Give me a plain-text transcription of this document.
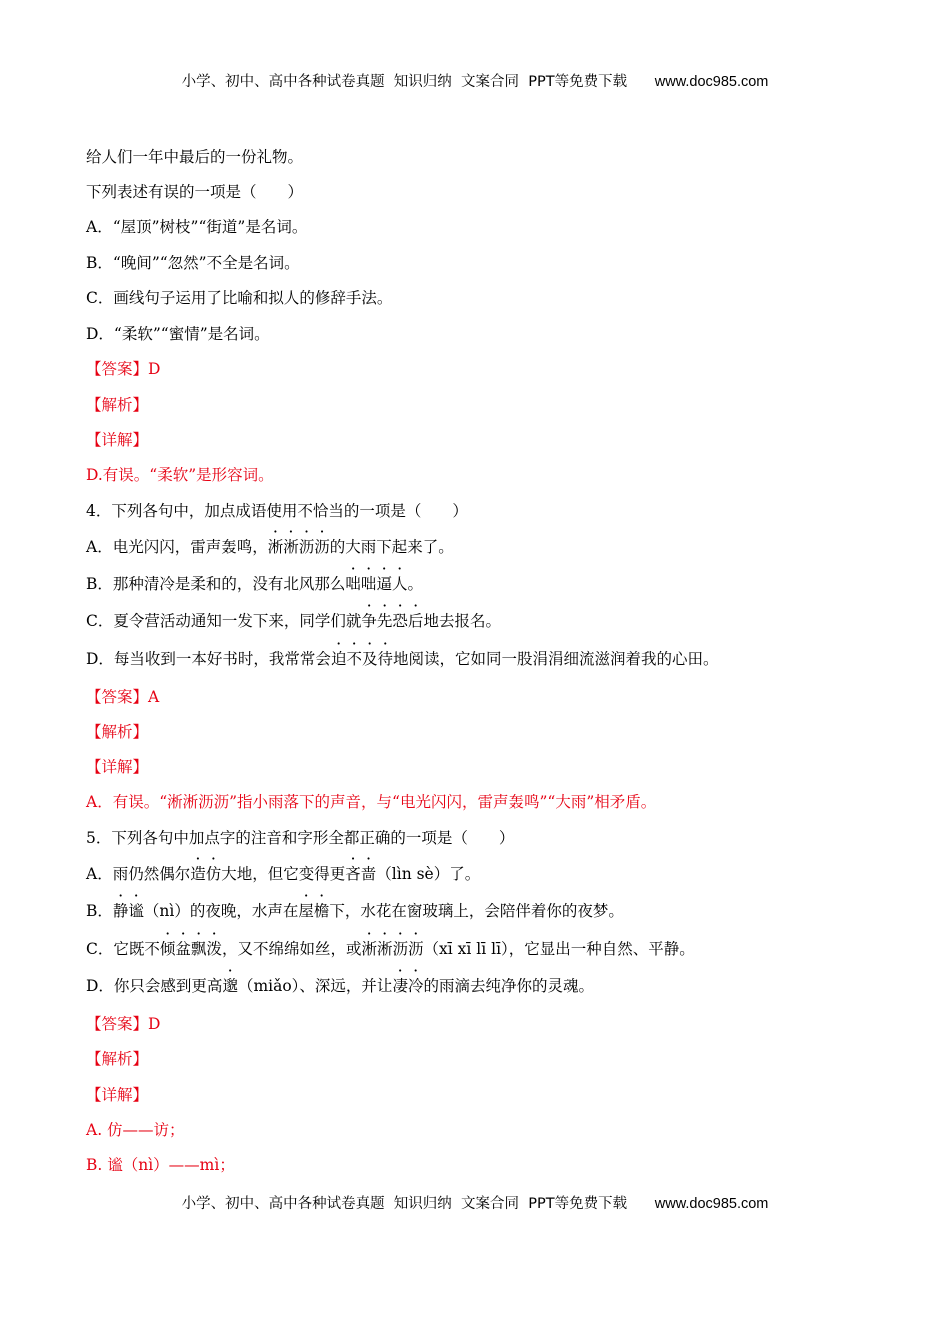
小学、初中、高中各种试卷真题  知识归纳  文案合同  PPT等免费下载 www.doc985.com
给人们一年中最后的一份礼物。
下列表述有误的一项是（　　）
A．“屋顶”树枝”“街道”是名词。
B．“晚间”“忽然”不全是名词。
C．画线句子运用了比喻和拟人的修辞手法。
D．“柔软”“蜜情”是名词。
【答案】D
【解析】
【详解】
D.有误。“柔软”是形容词。
4．下列各句中，加点成语使用不恰当的一项是（　　）
A．电光闪闪，雷声轰鸣，淅淅沥沥的大雨下起来了。
B．那种清冷是柔和的，没有北风那么咄咄逼人。
C．夏令营活动通知一发下来，同学们就争先恐后地去报名。
D．每当收到一本好书时，我常常会迫不及待地阅读，它如同一股涓涓细流滋润着我的心田。
【答案】A
【解析】
【详解】
A．有误。“淅淅沥沥”指小雨落下的声音，与“电光闪闪，雷声轰鸣”“大雨”相矛盾。
5．下列各句中加点字的注音和字形全都正确的一项是（　　）
A．雨仍然偶尔造仿大地，但它变得更吝啬（lìn sè）了。
B．静谧（nì）的夜晚，水声在屋檐下，水花在窗玻璃上，会陪伴着你的夜梦。
C．它既不倾盆飘泼，又不绵绵如丝，或淅淅沥沥（xī xī lī lī），它显出一种自然、平静。
D．你只会感到更高邈（miǎo）、深远，并让凄冷的雨滴去纯净你的灵魂。
【答案】D
【解析】
【详解】
A. 仿——访；
B. 谧（nì）——mì；
小学、初中、高中各种试卷真题  知识归纳  文案合同  PPT等免费下载 www.doc985.com
